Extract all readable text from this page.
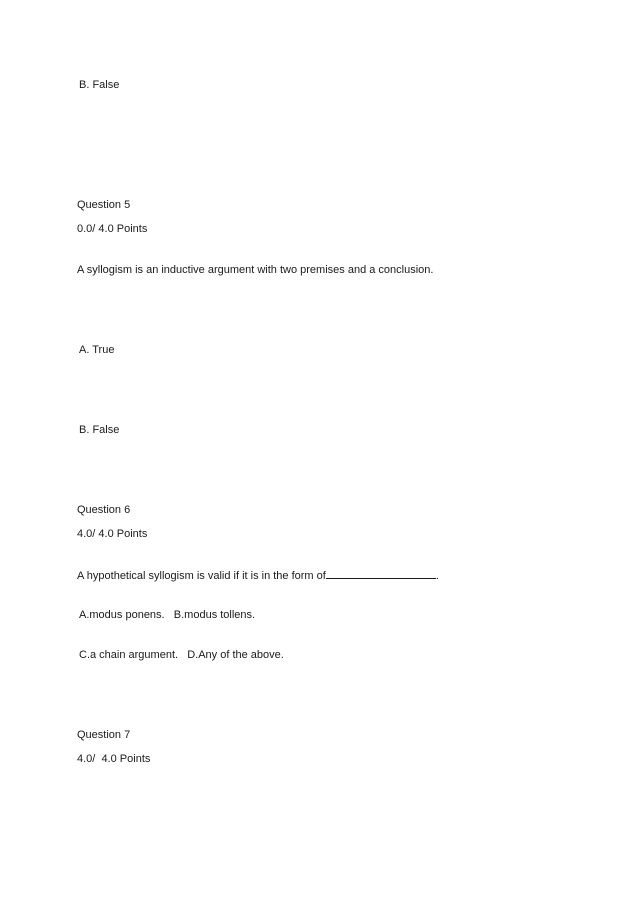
B. False
Question 5
0.0/ 4.0 Points
A syllogism is an inductive argument with two premises and a conclusion.
A. True
B. False
Question 6
4.0/ 4.0 Points
A hypothetical syllogism is valid if it is in the form of	.
A.modus ponens.   B.modus tollens.
C.a chain argument.   D.Any of the above.
Question 7
4.0/  4.0 Points
